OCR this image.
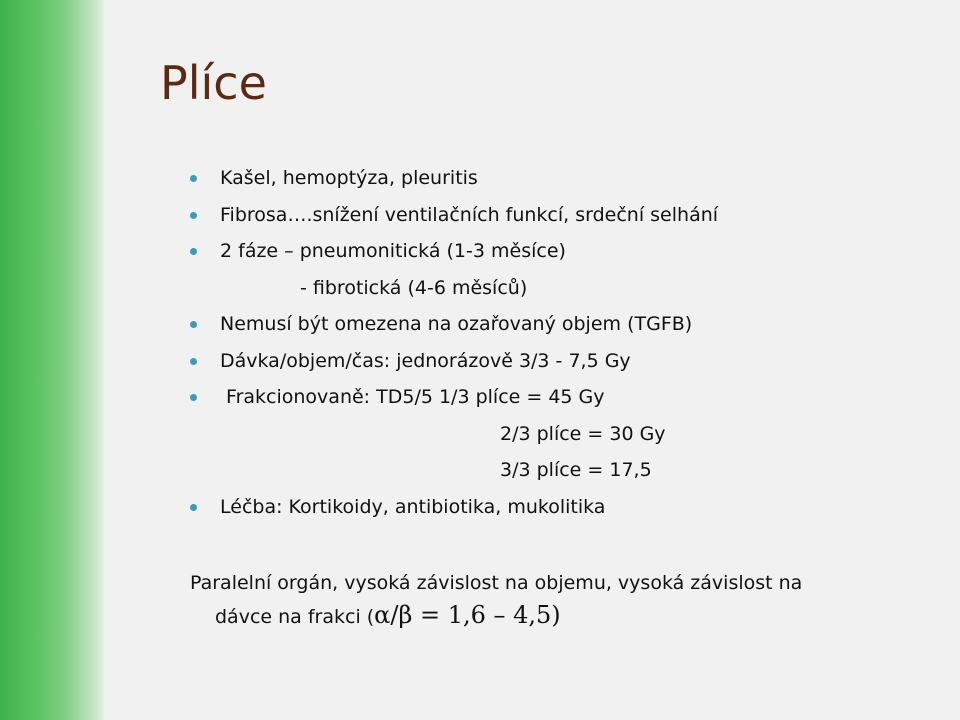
Plíce
Kašel, hemoptýza, pleuritis
Fibrosa….snížení ventilačních funkcí, srdeční selhání
2 fáze – pneumonitická (1-3 měsíce)
- fibrotická (4-6 měsíců)
Nemusí být omezena na ozařovaný objem (TGFB)
Dávka/objem/čas: jednorázově 3/3 - 7,5 Gy
Frakcionovaně: TD5/5 1/3 plíce = 45 Gy
2/3 plíce = 30 Gy
3/3 plíce = 17,5
Léčba: Kortikoidy, antibiotika, mukolitika
Paralelní orgán, vysoká závislost na objemu, vysoká závislost na
dávce na frakci (α/β = 1,6 – 4,5)
